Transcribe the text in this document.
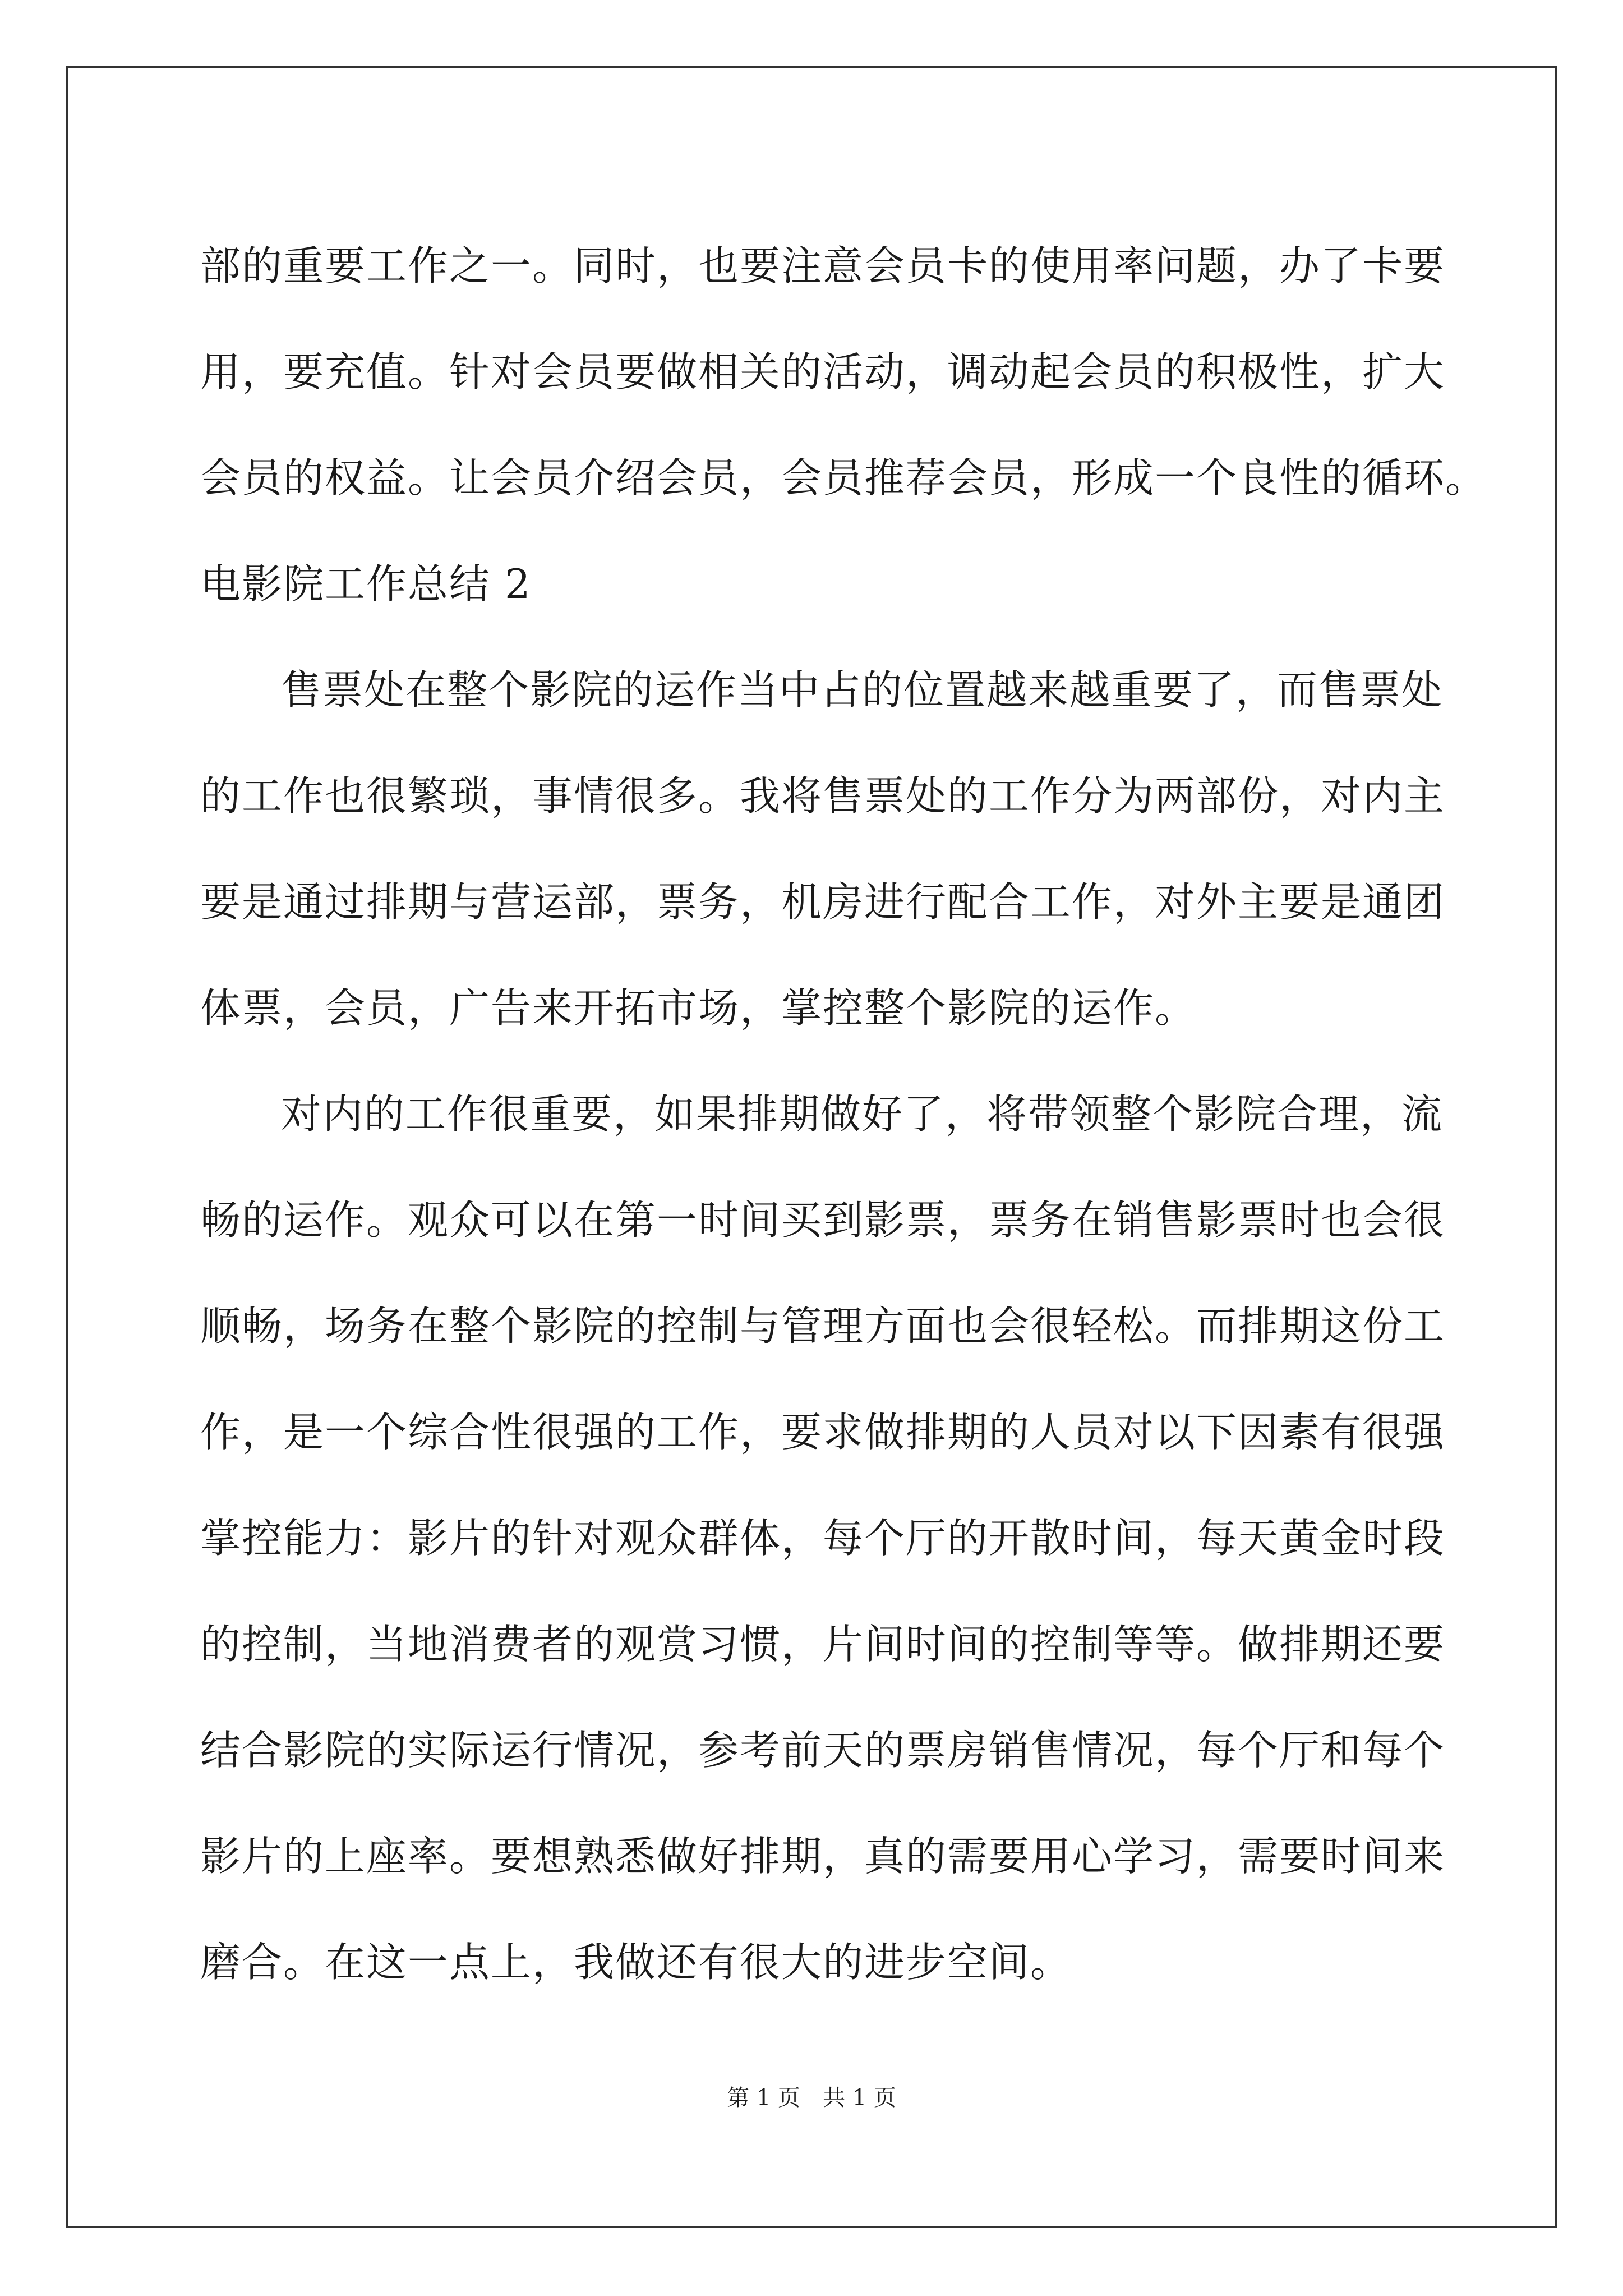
部的重要工作之一。同时，也要注意会员卡的使用率问题，办了卡要
用，要充值。针对会员要做相关的活动，调动起会员的积极性，扩大
会员的权益。让会员介绍会员，会员推荐会员，形成一个良性的循环。
电影院工作总结 2
售票处在整个影院的运作当中占的位置越来越重要了，而售票处
的工作也很繁琐，事情很多。我将售票处的工作分为两部份，对内主
要是通过排期与营运部，票务，机房进行配合工作，对外主要是通团
体票，会员，广告来开拓市场，掌控整个影院的运作。
对内的工作很重要，如果排期做好了，将带领整个影院合理，流
畅的运作。观众可以在第一时间买到影票，票务在销售影票时也会很
顺畅，场务在整个影院的控制与管理方面也会很轻松。而排期这份工
作，是一个综合性很强的工作，要求做排期的人员对以下因素有很强
掌控能力：影片的针对观众群体，每个厅的开散时间，每天黄金时段
的控制，当地消费者的观赏习惯，片间时间的控制等等。做排期还要
结合影院的实际运行情况，参考前天的票房销售情况，每个厅和每个
影片的上座率。要想熟悉做好排期，真的需要用心学习，需要时间来
磨合。在这一点上，我做还有很大的进步空间。
第 1 页　共 1 页
